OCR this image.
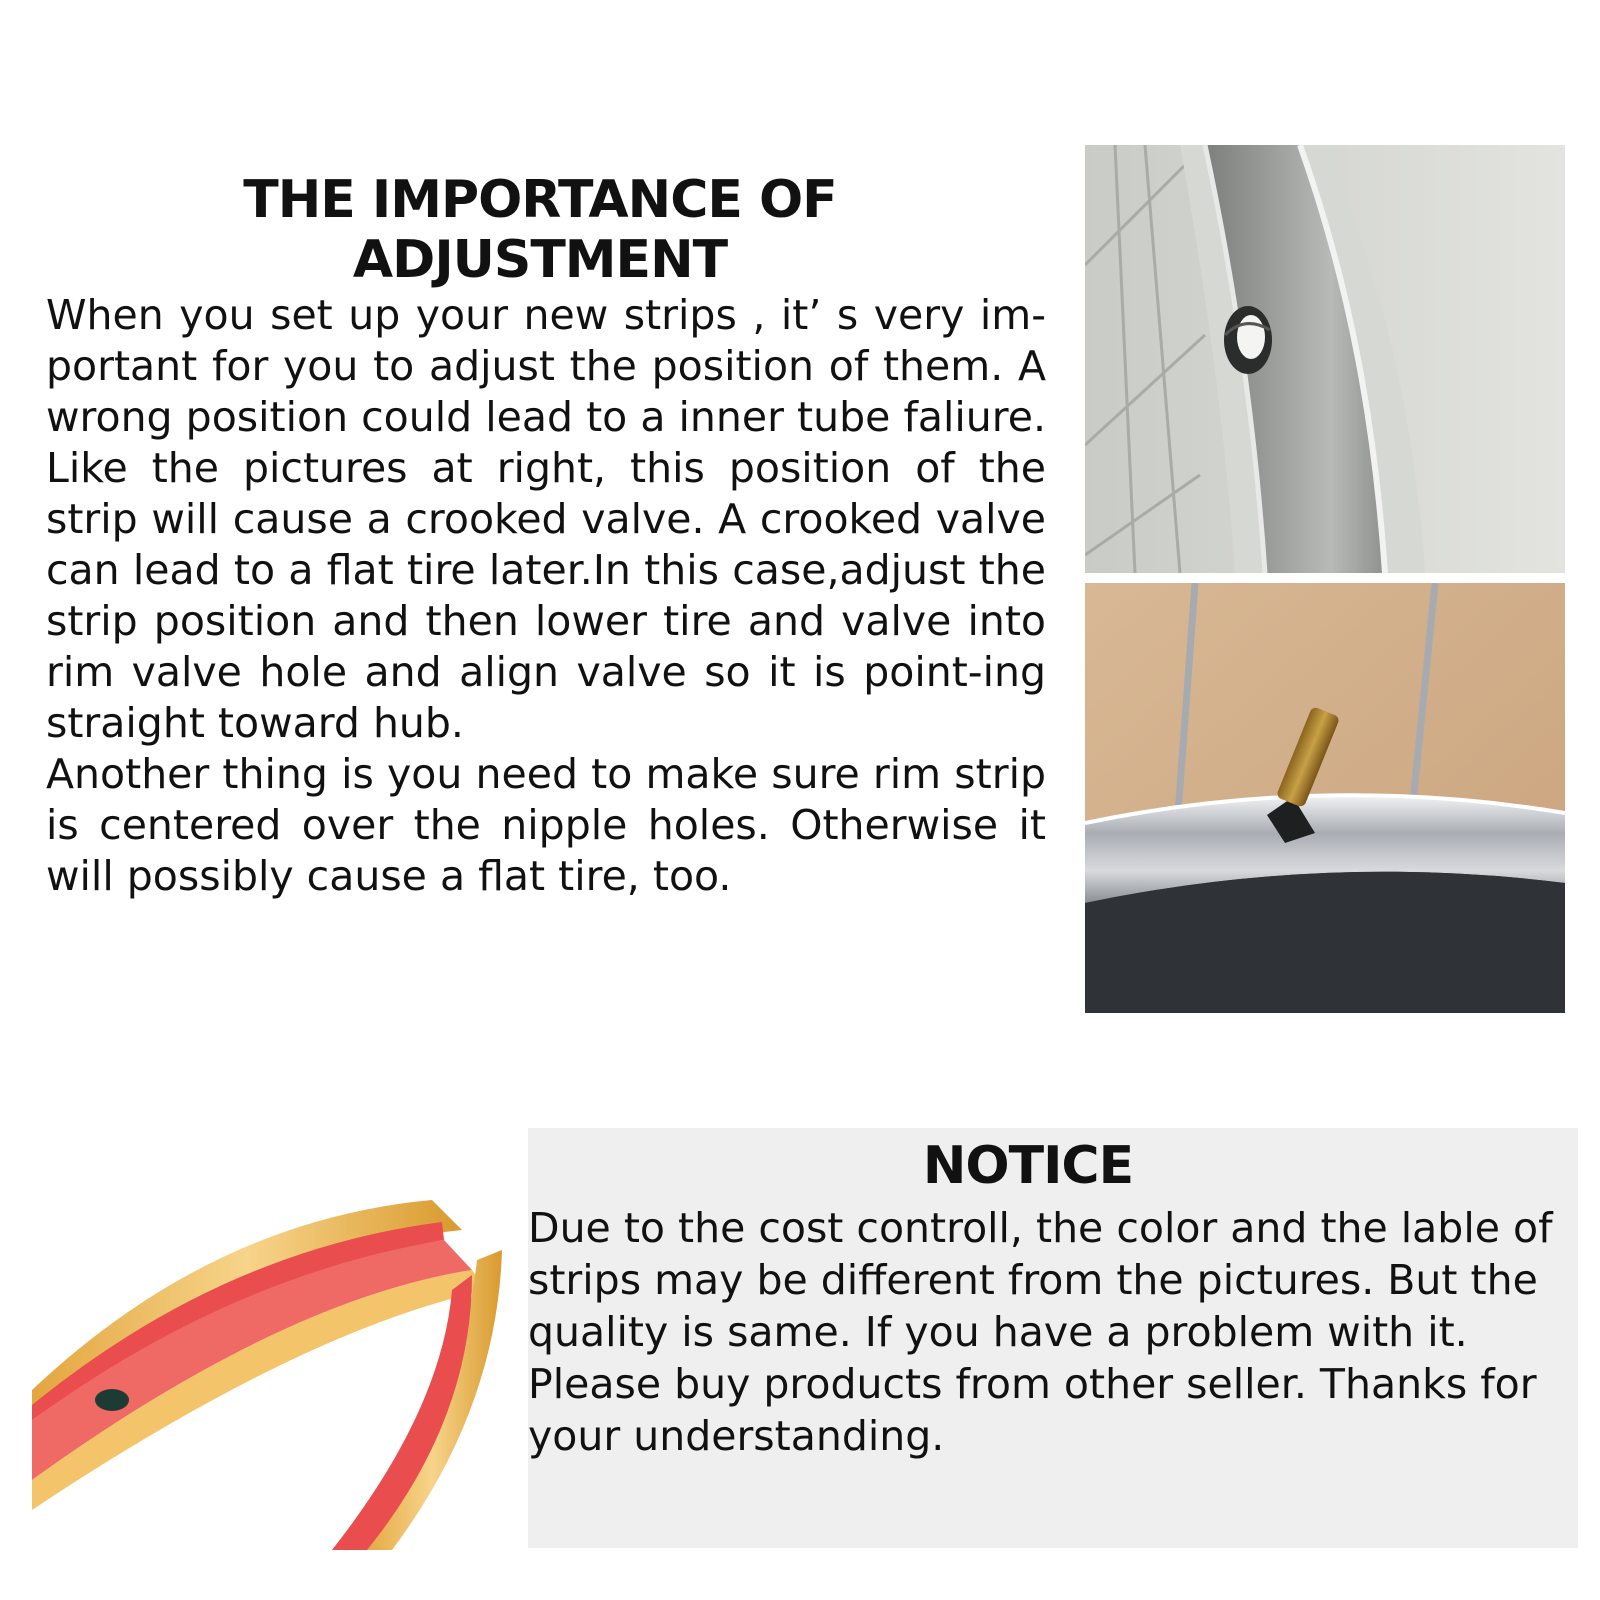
THE IMPORTANCE OF ADJUSTMENT

When you set up your new strips , it’ s very im-portant for you to adjust the position of them. A wrong position could lead to a inner tube faliure. Like the pictures at right, this position of the strip will cause a crooked valve. A crooked valve can lead to a flat tire later.In this case,adjust the strip position and then lower tire and valve into rim valve hole and align valve so it is point-ing straight toward hub.

Another thing is you need to make sure rim strip is centered over the nipple holes. Otherwise it will possibly cause a flat tire, too.

NOTICE

Due to the cost controll, the color and the lable of strips may be different from the pictures. But the quality is same. If you have a problem with it. Please buy products from other seller. Thanks for your understanding.
